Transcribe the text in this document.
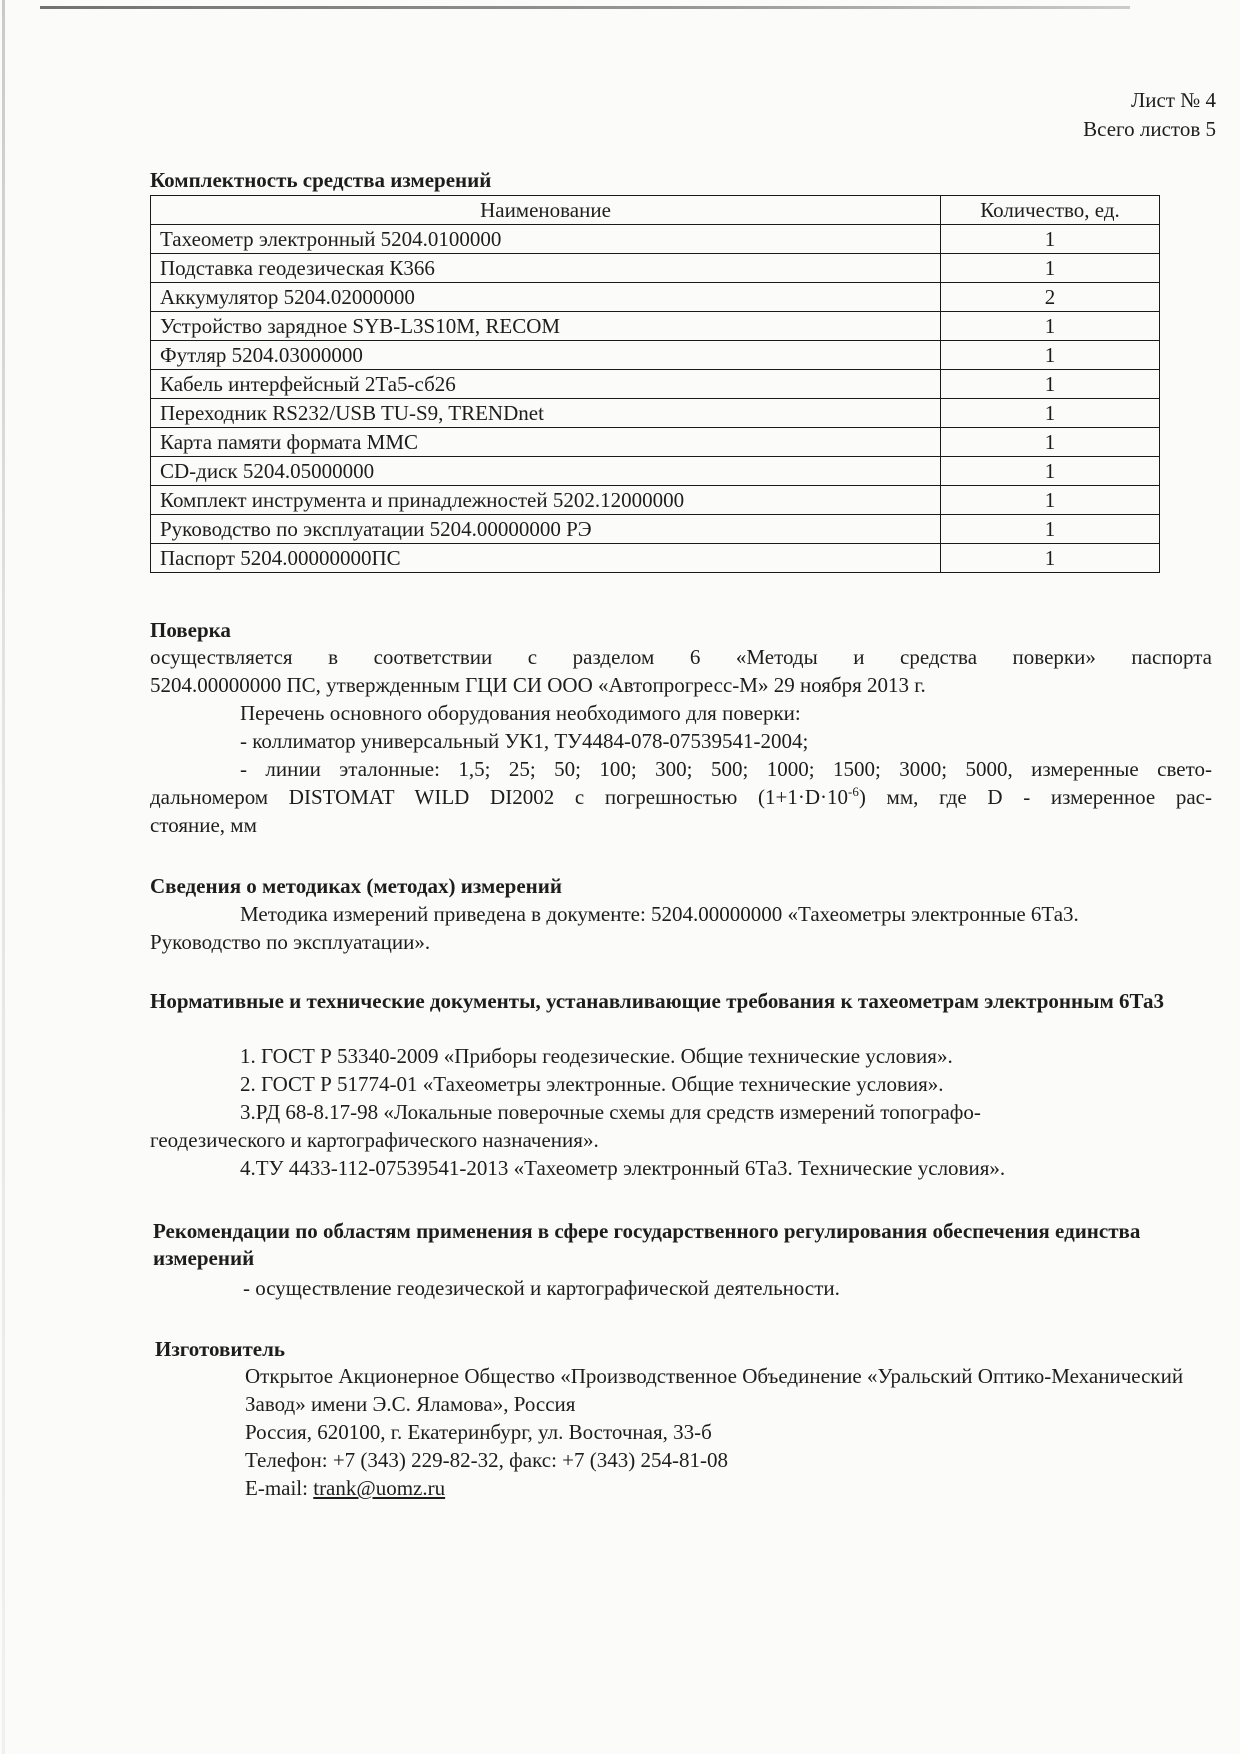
Лист № 4
Всего листов 5
Комплектность средства измерений
Наименование	Количество, ед.
Тахеометр электронный 5204.0100000	1
Подставка геодезическая К366	1
Аккумулятор 5204.02000000	2
Устройство зарядное SYB-L3S10M, RECOM	1
Футляр 5204.03000000	1
Кабель интерфейсный 2Та5-сб26	1
Переходник RS232/USB TU-S9, TRENDnet	1
Карта памяти формата MMC	1
CD-диск 5204.05000000	1
Комплект инструмента и принадлежностей 5202.12000000	1
Руководство по эксплуатации 5204.00000000 РЭ	1
Паспорт 5204.00000000ПС	1
Поверка
осуществляется в соответствии с разделом 6 «Методы и средства поверки» паспорта
5204.00000000 ПС, утвержденным ГЦИ СИ ООО «Автопрогресс-М» 29 ноября 2013 г.
Перечень основного оборудования необходимого для поверки:
- коллиматор универсальный УК1, ТУ4484-078-07539541-2004;
- линии эталонные: 1,5; 25; 50; 100; 300; 500; 1000; 1500; 3000; 5000, измеренные свето-
дальномером DISTOMAT WILD DI2002 с погрешностью $(1+1\cdot D\cdot 10^{-6})$ мм, где D - измеренное рас-
стояние, мм
Сведения о методиках (методах) измерений
Методика измерений приведена в документе: 5204.00000000 «Тахеометры электронные 6Та3. Руководство по эксплуатации».
Нормативные и технические документы, устанавливающие требования к тахеометрам электронным 6Та3
1. ГОСТ Р 53340-2009 «Приборы геодезические. Общие технические условия».
2. ГОСТ Р 51774-01 «Тахеометры электронные. Общие технические условия».
3.РД 68-8.17-98 «Локальные поверочные схемы для средств измерений топографо-геодезического и картографического назначения».
4.ТУ 4433-112-07539541-2013 «Тахеометр электронный 6Та3. Технические условия».
Рекомендации по областям применения в сфере государственного регулирования обеспечения единства измерений
- осуществление геодезической и картографической деятельности.
Изготовитель
Открытое Акционерное Общество «Производственное Объединение «Уральский Оптико-Механический Завод» имени Э.С. Яламова», Россия
Россия, 620100, г. Екатеринбург, ул. Восточная, 33-б
Телефон: +7 (343) 229-82-32, факс: +7 (343) 254-81-08
E-mail: trank@uomz.ru
